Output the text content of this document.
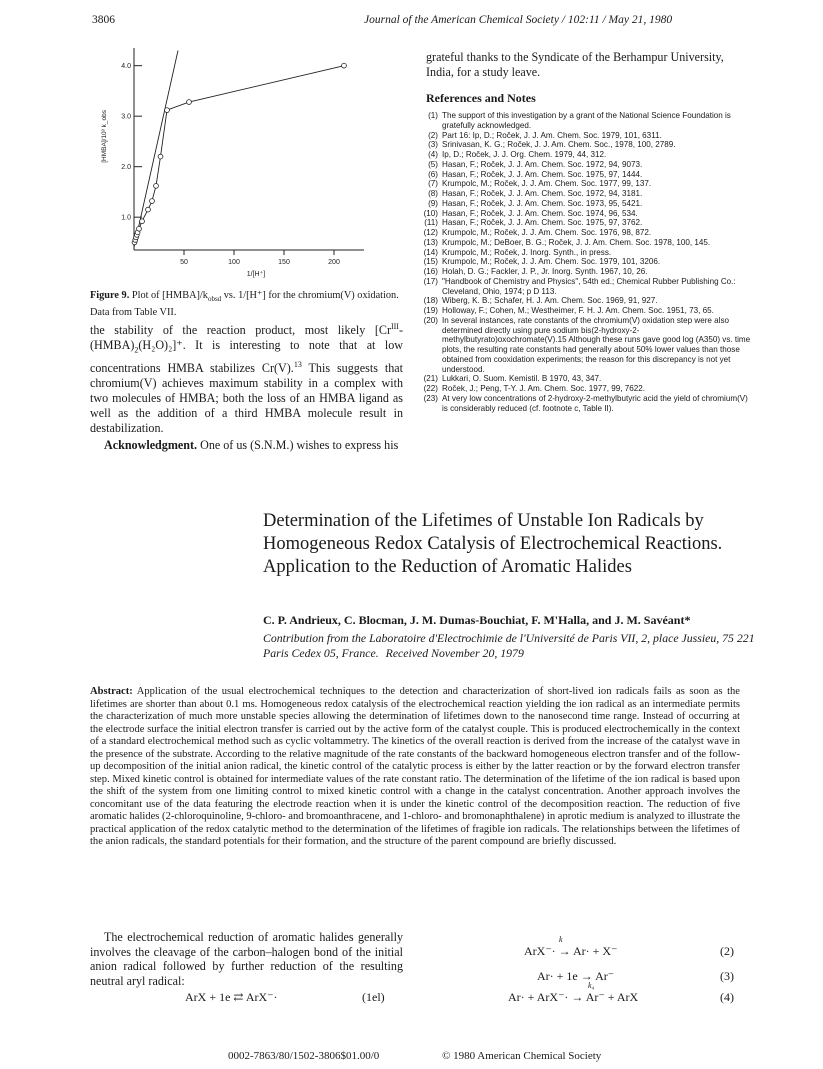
3806	Journal of the American Chemical Society / 102:11 / May 21, 1980
50	100	150	200
1.0
2.0
3.0
4.0
1/[H⁺]
[HMBA]/10³ k_obs
Figure 9. Plot of $[HMBA]/k_{obsd}$ vs. 1/[H⁺] for the chromium(V) oxidation. Data from Table VII.

the stability of the reaction product, most likely $[Cr^{III}-(HMBA)_2(H_2O)_2]^+$. It is interesting to note that at low concentrations HMBA stabilizes Cr(V).$^{13}$ This suggests that chromium(V) achieves maximum stability in a complex with two molecules of HMBA; both the loss of an HMBA ligand as well as the addition of a third HMBA molecule result in destabilization.

Acknowledgment. One of us (S.N.M.) wishes to express his

grateful thanks to the Syndicate of the Berhampur University, India, for a study leave.
References and Notes
(1) The support of this investigation by a grant of the National Science Foundation is gratefully acknowledged.
(2) Part 16: Ip, D.; Roček, J. J. Am. Chem. Soc. 1979, 101, 6311.
(3) Srinivasan, K. G.; Roček, J. J. Am. Chem. Soc., 1978, 100, 2789.
(4) Ip, D.; Roček, J. J. Org. Chem. 1979, 44, 312.
(5) Hasan, F.; Roček, J. J. Am. Chem. Soc. 1972, 94, 9073.
(6) Hasan, F.; Roček, J. J. Am. Chem. Soc. 1975, 97, 1444.
(7) Krumpolc, M.; Roček, J. J. Am. Chem. Soc. 1977, 99, 137.
(8) Hasan, F.; Roček, J. J. Am. Chem. Soc. 1972, 94, 3181.
(9) Hasan, F.; Roček, J. J. Am. Chem. Soc. 1973, 95, 5421.
(10) Hasan, F.; Roček, J. J. Am. Chem. Soc. 1974, 96, 534.
(11) Hasan, F.; Roček, J. J. Am. Chem. Soc. 1975, 97, 3762.
(12) Krumpolc, M.; Roček, J. J. Am. Chem. Soc. 1976, 98, 872.
(13) Krumpolc, M.; DeBoer, B. G.; Roček, J. J. Am. Chem. Soc. 1978, 100, 145.
(14) Krumpolc, M.; Roček, J. Inorg. Synth., in press.
(15) Krumpolc, M.; Roček, J. J. Am. Chem. Soc. 1979, 101, 3206.
(16) Holah, D. G.; Fackler, J. P., Jr. Inorg. Synth. 1967, 10, 26.
(17) "Handbook of Chemistry and Physics", 54th ed.; Chemical Rubber Publishing Co.: Cleveland, Ohio, 1974; p D 113.
(18) Wiberg, K. B.; Schafer, H. J. Am. Chem. Soc. 1969, 91, 927.
(19) Holloway, F.; Cohen, M.; Westheimer, F. H. J. Am. Chem. Soc. 1951, 73, 65.
(20) In several instances, rate constants of the chromium(V) oxidation step were also determined directly using pure sodium bis(2-hydroxy-2-methylbutyrato)oxochromate(V).15 Although these runs gave good log (A350) vs. time plots, the resulting rate constants had generally about 50% lower values than those obtained from cooxidation experiments; the reason for this discrepancy is not yet understood.
(21) Lukkari, O. Suom. Kemistil. B 1970, 43, 347.
(22) Roček, J.; Peng, T-Y. J. Am. Chem. Soc. 1977, 99, 7622.
(23) At very low concentrations of 2-hydroxy-2-methylbutyric acid the yield of chromium(V) is considerably reduced (cf. footnote c, Table II).
Determination of the Lifetimes of Unstable Ion Radicals by Homogeneous Redox Catalysis of Electrochemical Reactions. Application to the Reduction of Aromatic Halides
C. P. Andrieux, C. Blocman, J. M. Dumas-Bouchiat, F. M'Halla, and J. M. Savéant*
Contribution from the Laboratoire d'Electrochimie de l'Université de Paris VII, 2, place Jussieu, 75 221 Paris Cedex 05, France. Received November 20, 1979
Abstract: Application of the usual electrochemical techniques to the detection and characterization of short-lived ion radicals fails as soon as the lifetimes are shorter than about 0.1 ms. Homogeneous redox catalysis of the electrochemical reaction yielding the ion radical as an intermediate permits the characterization of much more unstable species allowing the determination of lifetimes down to the nanosecond time range. Instead of occurring at the electrode surface the initial electron transfer is carried out by the active form of the catalyst couple. This is produced electrochemically in the context of a standard electrochemical method such as cyclic voltammetry. The kinetics of the overall reaction is derived from the increase of the catalyst wave in the presence of the substrate. According to the relative magnitude of the rate constants of the backward homogeneous electron transfer and of the follow-up decomposition of the initial anion radical, the kinetic control of the catalytic process is either by the latter reaction or by the forward electron transfer step. Mixed kinetic control is obtained for intermediate values of the rate constant ratio. The determination of the lifetime of the ion radical is based upon the shift of the system from one limiting control to mixed kinetic control with a change in the catalyst concentration. Another approach involves the concomitant use of the data featuring the electrode reaction when it is under the kinetic control of the decomposition reaction. The reduction of five aromatic halides (2-chloroquinoline, 9-chloro- and bromoanthracene, and 1-chloro- and bromonaphthalene) in aprotic medium is analyzed to illustrate the practical application of the redox catalytic method to the determination of the lifetimes of fragible ion radicals. The relationships between the lifetimes of the anion radicals, the standard potentials for their formation, and the structure of the parent compound are briefly discussed.
The electrochemical reduction of aromatic halides generally involves the cleavage of the carbon–halogen bond of the initial anion radical followed by further reduction of the resulting neutral aryl radical:
ArX + 1e ⇄ ArX⁻·	(1el)
k
ArX⁻· → Ar· + X⁻	(2)
Ar· + 1e → Ar⁻	(3)
k₄
Ar· + ArX⁻· → Ar⁻ + ArX	(4)
0002-7863/80/1502-3806$01.00/0	© 1980 American Chemical Society
